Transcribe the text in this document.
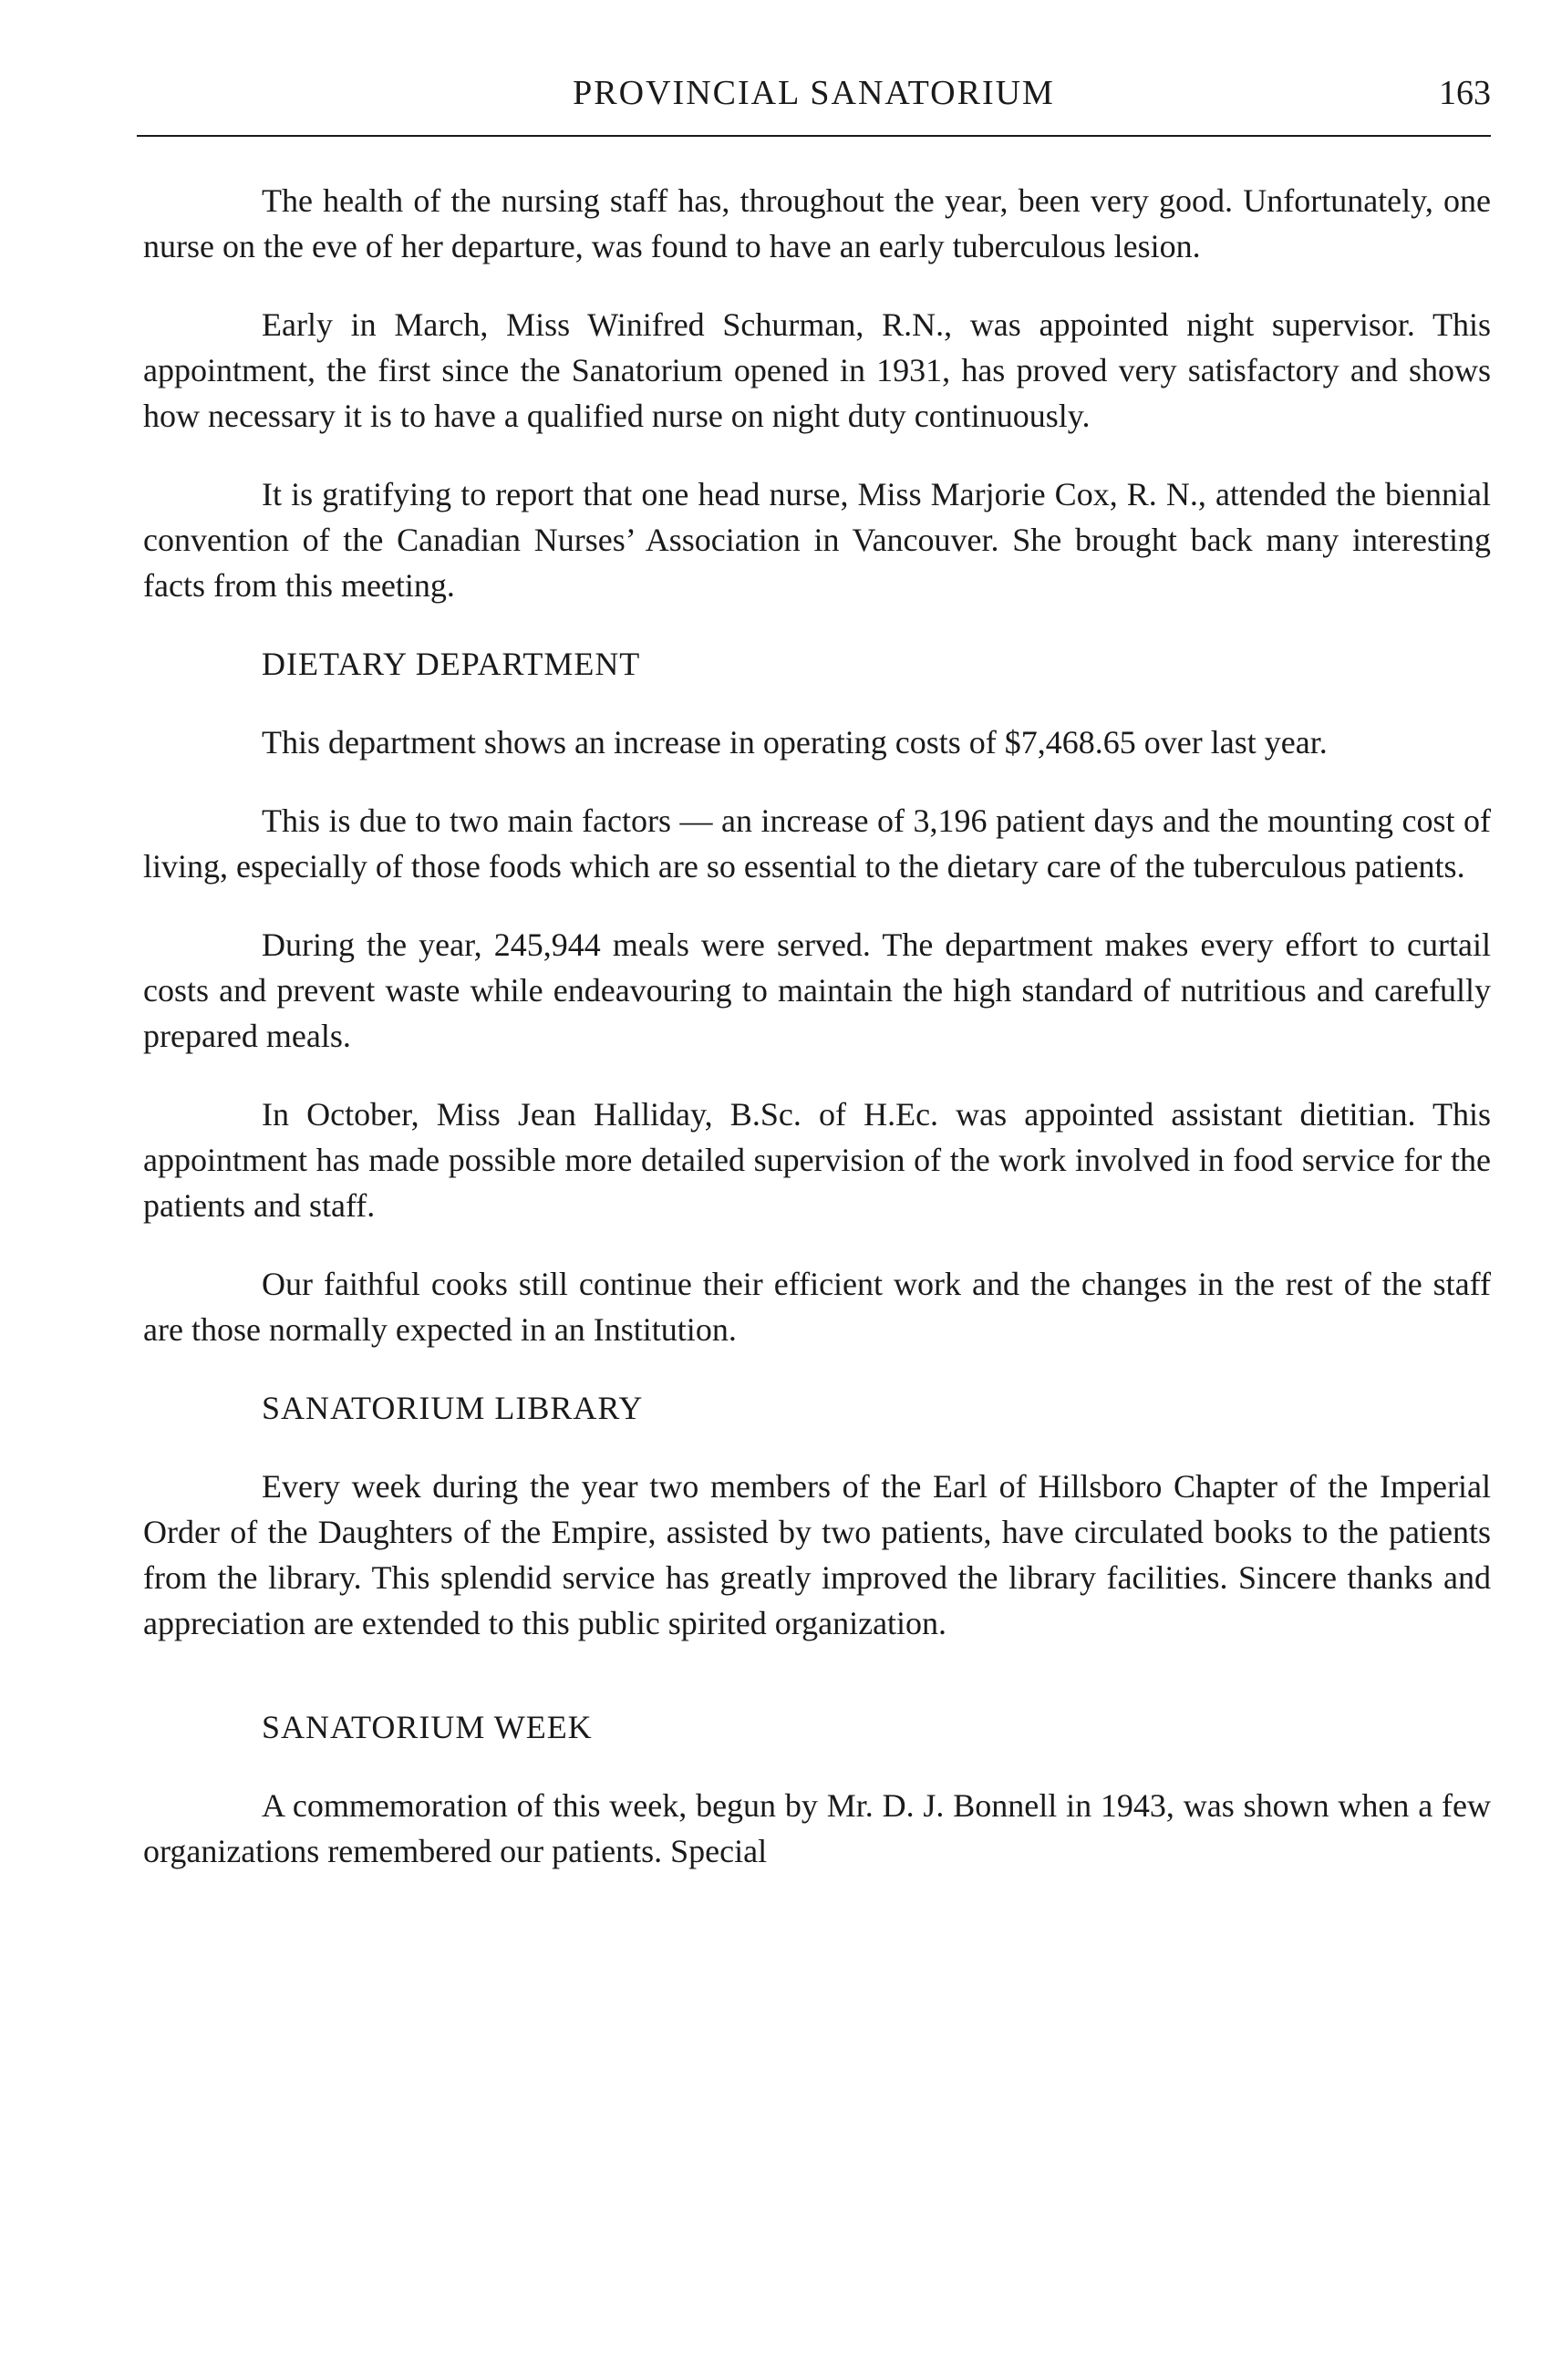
PROVINCIAL SANATORIUM	163

The health of the nursing staff has, throughout the year, been very good. Unfortunately, one nurse on the eve of her departure, was found to have an early tuberculous lesion.

Early in March, Miss Winifred Schurman, R.N., was appointed night supervisor. This appointment, the first since the Sanatorium opened in 1931, has proved very satisfactory and shows how necessary it is to have a qualified nurse on night duty continuously.

It is gratifying to report that one head nurse, Miss Marjorie Cox, R. N., attended the biennial convention of the Canadian Nurses’ Association in Vancouver. She brought back many interesting facts from this meeting.

DIETARY DEPARTMENT

This department shows an increase in operating costs of $7,468.65 over last year.

This is due to two main factors — an increase of 3,196 patient days and the mounting cost of living, especially of those foods which are so essential to the dietary care of the tuberculous patients.

During the year, 245,944 meals were served. The department makes every effort to curtail costs and prevent waste while endeavouring to maintain the high standard of nutritious and carefully prepared meals.

In October, Miss Jean Halliday, B.Sc. of H.Ec. was appointed assistant dietitian. This appointment has made possible more detailed supervision of the work involved in food service for the patients and staff.

Our faithful cooks still continue their efficient work and the changes in the rest of the staff are those normally expected in an Institution.

SANATORIUM LIBRARY

Every week during the year two members of the Earl of Hillsboro Chapter of the Imperial Order of the Daughters of the Empire, assisted by two patients, have circulated books to the patients from the library. This splendid service has greatly improved the library facilities. Sincere thanks and appreciation are extended to this public spirited organization.

SANATORIUM WEEK

A commemoration of this week, begun by Mr. D. J. Bonnell in 1943, was shown when a few organizations remembered our patients. Special
